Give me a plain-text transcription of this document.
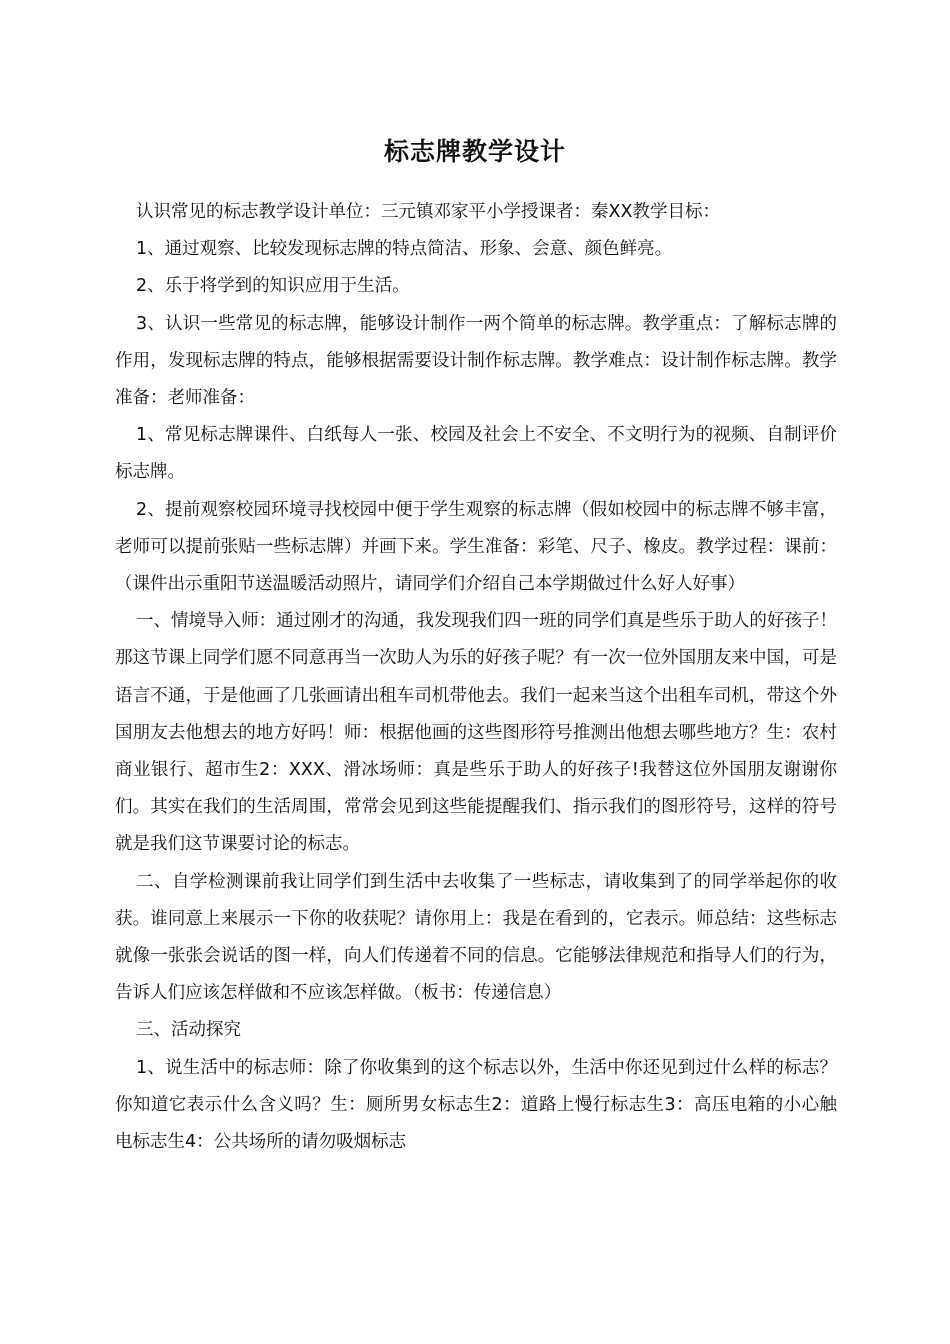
标志牌教学设计

认识常见的标志教学设计单位：三元镇邓家平小学授课者：秦XX教学目标：

1、通过观察、比较发现标志牌的特点简洁、形象、会意、颜色鲜亮。

2、乐于将学到的知识应用于生活。

3、认识一些常见的标志牌，能够设计制作一两个简单的标志牌。教学重点：了解标志牌的作用，发现标志牌的特点，能够根据需要设计制作标志牌。教学难点：设计制作标志牌。教学准备：老师准备：

1、常见标志牌课件、白纸每人一张、校园及社会上不安全、不文明行为的视频、自制评价标志牌。

2、提前观察校园环境寻找校园中便于学生观察的标志牌（假如校园中的标志牌不够丰富，老师可以提前张贴一些标志牌）并画下来。学生准备：彩笔、尺子、橡皮。教学过程：课前：（课件出示重阳节送温暖活动照片，请同学们介绍自己本学期做过什么好人好事）

一、情境导入师：通过刚才的沟通，我发现我们四一班的同学们真是些乐于助人的好孩子！那这节课上同学们愿不同意再当一次助人为乐的好孩子呢？有一次一位外国朋友来中国，可是语言不通，于是他画了几张画请出租车司机带他去。我们一起来当这个出租车司机，带这个外国朋友去他想去的地方好吗！师：根据他画的这些图形符号推测出他想去哪些地方？生：农村商业银行、超市生2：XXX、滑冰场师：真是些乐于助人的好孩子!我替这位外国朋友谢谢你们。其实在我们的生活周围，常常会见到这些能提醒我们、指示我们的图形符号，这样的符号就是我们这节课要讨论的标志。

二、自学检测课前我让同学们到生活中去收集了一些标志，请收集到了的同学举起你的收获。谁同意上来展示一下你的收获呢？请你用上：我是在看到的，它表示。师总结：这些标志就像一张张会说话的图一样，向人们传递着不同的信息。它能够法律规范和指导人们的行为，告诉人们应该怎样做和不应该怎样做。（板书：传递信息）

三、活动探究

1、说生活中的标志师：除了你收集到的这个标志以外，生活中你还见到过什么样的标志？你知道它表示什么含义吗？生：厕所男女标志生2：道路上慢行标志生3：高压电箱的小心触电标志生4：公共场所的请勿吸烟标志
